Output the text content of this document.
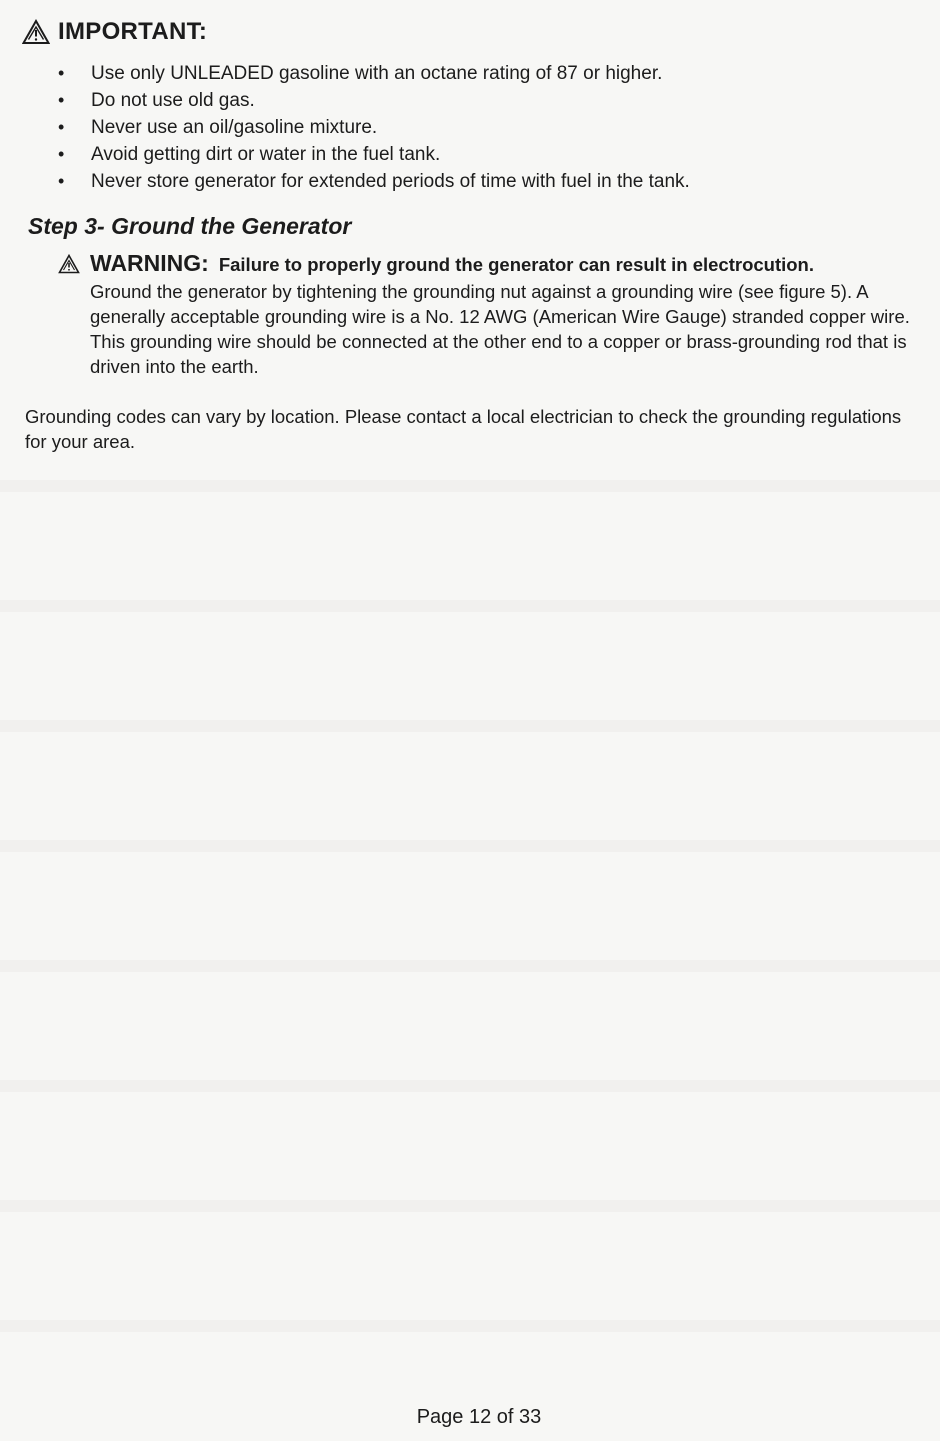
IMPORTANT:
• Use only UNLEADED gasoline with an octane rating of 87 or higher.
• Do not use old gas.
• Never use an oil/gasoline mixture.
• Avoid getting dirt or water in the fuel tank.
• Never store generator for extended periods of time with fuel in the tank.
Step 3- Ground the Generator
WARNING: Failure to properly ground the generator can result in electrocution.
Ground the generator by tightening the grounding nut against a grounding wire (see figure 5). A generally acceptable grounding wire is a No. 12 AWG (American Wire Gauge) stranded copper wire. This grounding wire should be connected at the other end to a copper or brass-grounding rod that is driven into the earth.
Grounding codes can vary by location. Please contact a local electrician to check the grounding regulations for your area.
Page 12 of 33
